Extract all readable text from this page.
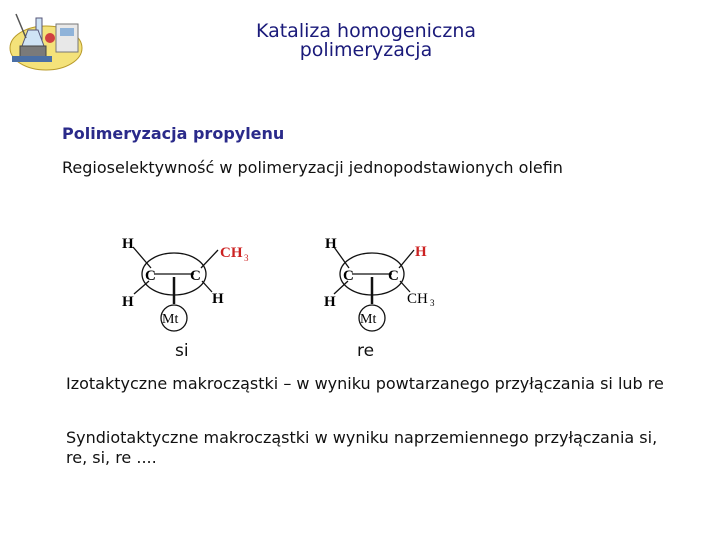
Kataliza homogeniczna
polimeryzacja
Polimeryzacja propylenu
Regioselektywność w polimeryzacji jednopodstawionych olefin
H
CH 3
C C
H	H
Mt
H	H
C C
H	CH 3
Mt
si	re
Izotaktyczne makrocząstki – w wyniku powtarzanego przyłączania si lub re
Syndiotaktyczne makrocząstki w wyniku naprzemiennego przyłączania si, re, si, re ....
